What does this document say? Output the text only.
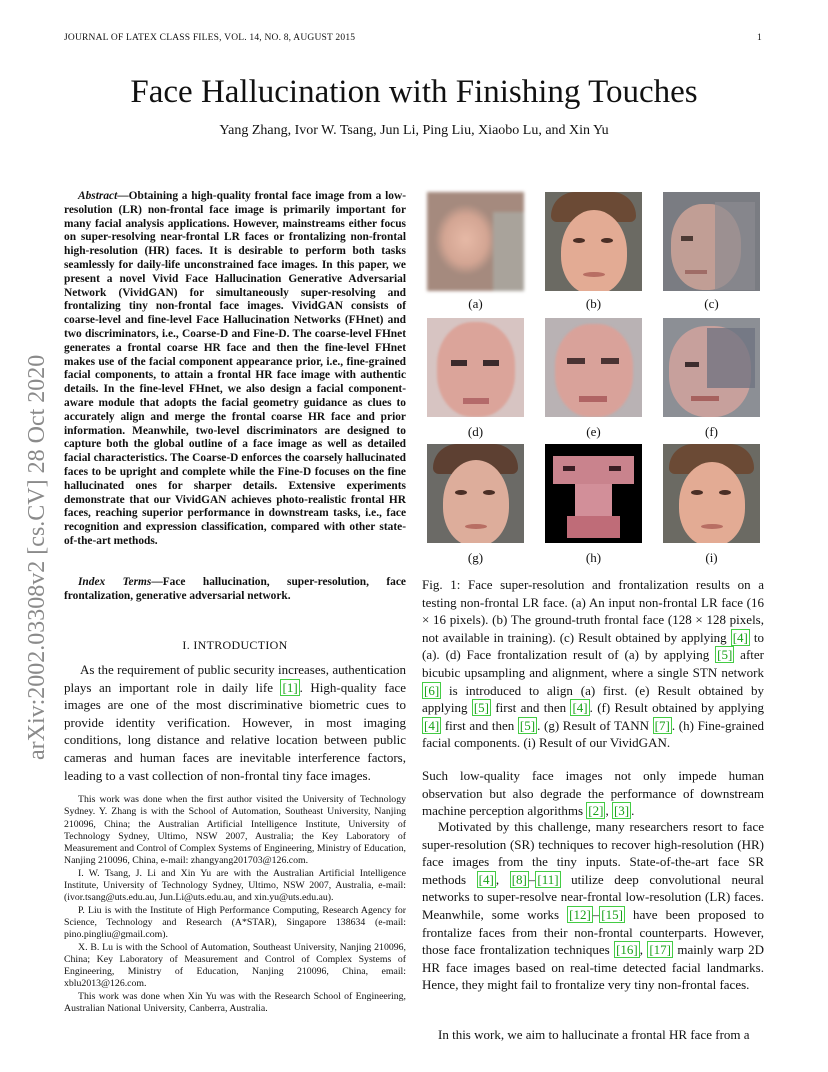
JOURNAL OF LATEX CLASS FILES, VOL. 14, NO. 8, AUGUST 2015	1
arXiv:2002.03308v2 [cs.CV] 28 Oct 2020
Face Hallucination with Finishing Touches
Yang Zhang, Ivor W. Tsang, Jun Li, Ping Liu, Xiaobo Lu, and Xin Yu
Abstract—Obtaining a high-quality frontal face image from a low-resolution (LR) non-frontal face image is primarily important for many facial analysis applications. However, mainstreams either focus on super-resolving near-frontal LR faces or frontalizing non-frontal high-resolution (HR) faces. It is desirable to perform both tasks seamlessly for daily-life unconstrained face images. In this paper, we present a novel Vivid Face Hallucination Generative Adversarial Network (VividGAN) for simultaneously super-resolving and frontalizing tiny non-frontal face images. VividGAN consists of coarse-level and fine-level Face Hallucination Networks (FHnet) and two discriminators, i.e., Coarse-D and Fine-D. The coarse-level FHnet generates a frontal coarse HR face and then the fine-level FHnet makes use of the facial component appearance prior, i.e., fine-grained facial components, to attain a frontal HR face image with authentic details. In the fine-level FHnet, we also design a facial component-aware module that adopts the facial geometry guidance as clues to accurately align and merge the frontal coarse HR face and prior information. Meanwhile, two-level discriminators are designed to capture both the global outline of a face image as well as detailed facial characteristics. The Coarse-D enforces the coarsely hallucinated faces to be upright and complete while the Fine-D focuses on the fine hallucinated ones for sharper details. Extensive experiments demonstrate that our VividGAN achieves photo-realistic frontal HR faces, reaching superior performance in downstream tasks, i.e., face recognition and expression classification, compared with other state-of-the-art methods.
Index Terms—Face hallucination, super-resolution, face frontalization, generative adversarial network.
I. INTRODUCTION
As the requirement of public security increases, authentication plays an important role in daily life [1] . High-quality face images are one of the most discriminative biometric cues to provide identity verification. However, in most imaging conditions, long distance and relative location between public cameras and human faces are inevitable interference factors, leading to a vast collection of non-frontal tiny face images.

This work was done when the first author visited the University of Technology Sydney. Y. Zhang is with the School of Automation, Southeast University, Nanjing 210096, China; the Australian Artificial Intelligence Institute, University of Technology Sydney, Ultimo, NSW 2007, Australia; the Key Laboratory of Measurement and Control of Complex Systems of Engineering, Ministry of Education, Nanjing 210096, China, e-mail: zhangyang201703@126.com.

I. W. Tsang, J. Li and Xin Yu are with the Australian Artificial Intelligence Institute, University of Technology Sydney, Ultimo, NSW 2007, Australia, e-mail: (ivor.tsang@uts.edu.au, Jun.Li@uts.edu.au, and xin.yu@uts.edu.au).

P. Liu is with the Institute of High Performance Computing, Research Agency for Science, Technology and Research (A*STAR), Singapore 138634 (e-mail: pino.pingliu@gmail.com).

X. B. Lu is with the School of Automation, Southeast University, Nanjing 210096, China; Key Laboratory of Measurement and Control of Complex Systems of Engineering, Ministry of Education, Nanjing 210096, China, email: xblu2013@126.com.

This work was done when Xin Yu was with the Research School of Engineering, Australian National University, Canberra, Australia.

(a)	(b)	(c)
(d)	(e)	(f)
(g)	(h)	(i)
Fig. 1: Face super-resolution and frontalization results on a testing non-frontal LR face. (a) An input non-frontal LR face (16 × 16 pixels). (b) The ground-truth frontal face (128 × 128 pixels, not available in training). (c) Result obtained by applying [4] to (a). (d) Face frontalization result of (a) by applying [5] after bicubic upsampling and alignment, where a single STN network [6] is introduced to align (a) first. (e) Result obtained by applying [5] first and then [4] . (f) Result obtained by applying [4] first and then [5] . (g) Result of TANN [7] . (h) Fine-grained facial components. (i) Result of our VividGAN.
Such low-quality face images not only impede human observation but also degrade the performance of downstream machine perception algorithms [2] , [3] .
Motivated by this challenge, many researchers resort to face super-resolution (SR) techniques to recover high-resolution (HR) face images from the tiny inputs. State-of-the-art face SR methods [4] , [8] – [11] utilize deep convolutional neural networks to super-resolve near-frontal low-resolution (LR) faces. Meanwhile, some works [12] – [15] have been proposed to frontalize faces from their non-frontal counterparts. However, those face frontalization techniques [16] , [17] mainly warp 2D HR face images based on real-time detected facial landmarks. Hence, they might fail to frontalize very tiny non-frontal faces.
In this work, we aim to hallucinate a frontal HR face from a
